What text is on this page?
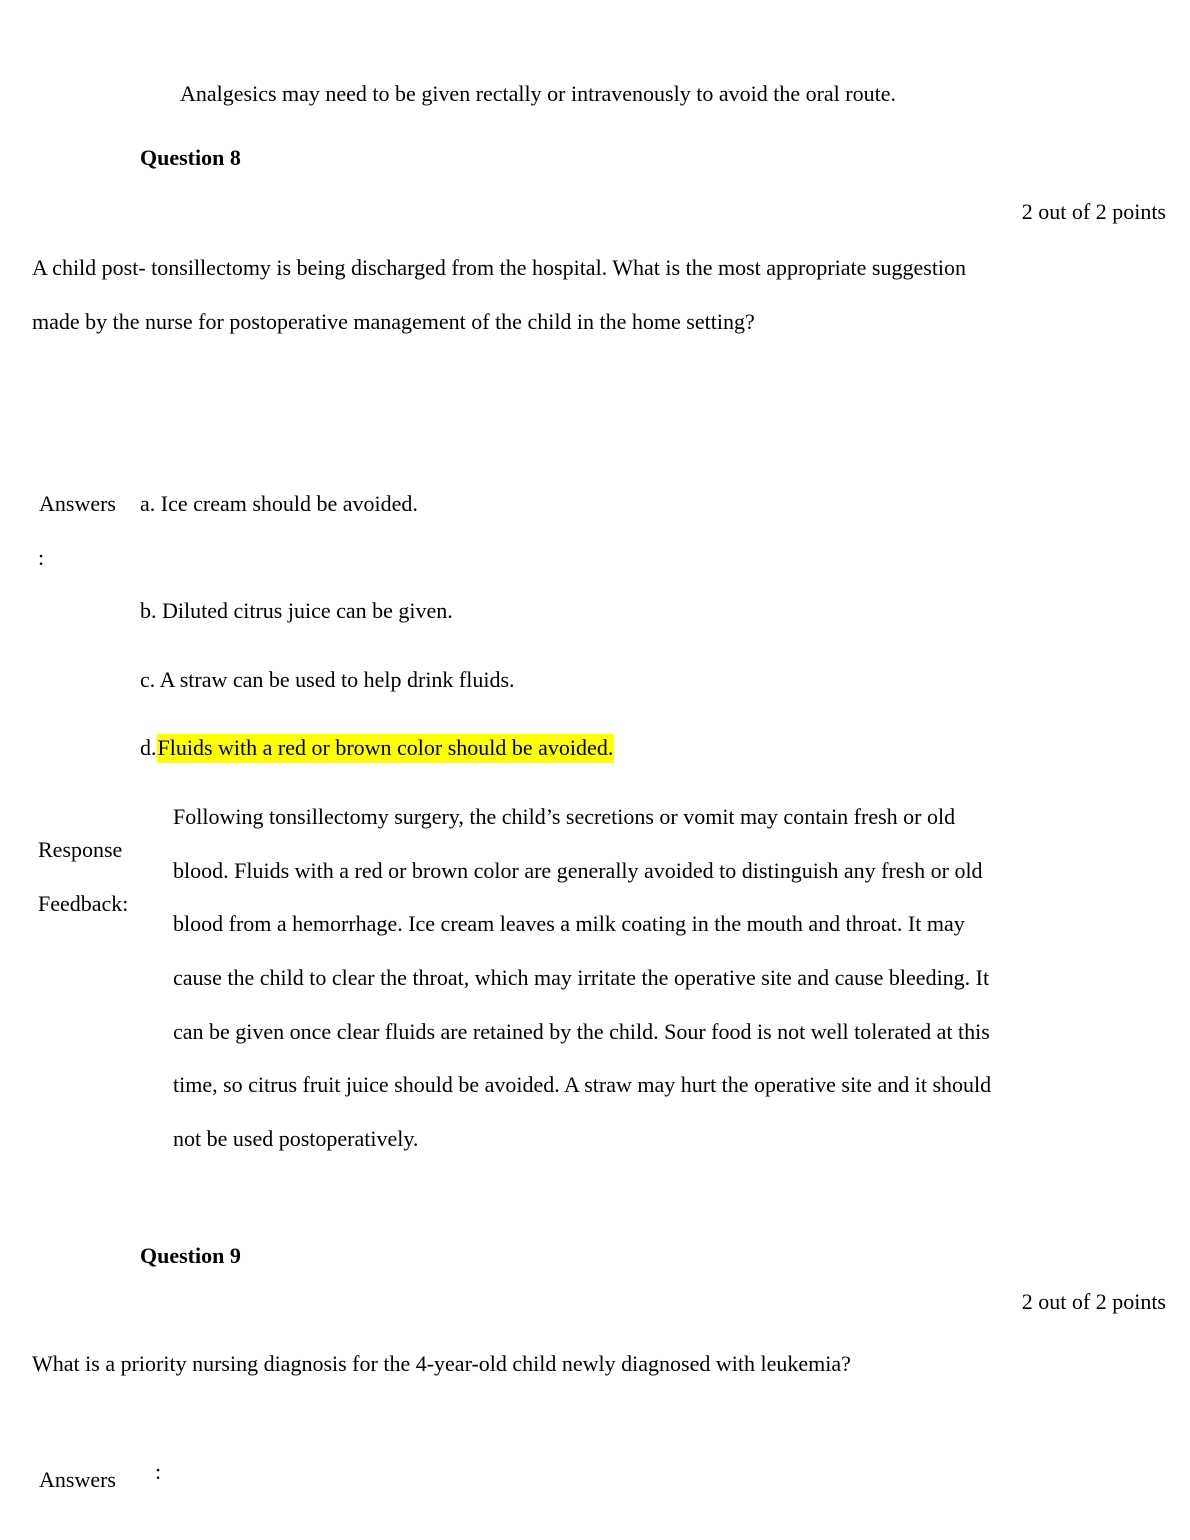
Analgesics may need to be given rectally or intravenously to avoid the oral route.
Question 8
2 out of 2 points
A child post- tonsillectomy is being discharged from the hospital. What is the most appropriate suggestion
made by the nurse for postoperative management of the child in the home setting?
Answers
:
a. Ice cream should be avoided.
b. Diluted citrus juice can be given.
c. A straw can be used to help drink fluids.
d.Fluids with a red or brown color should be avoided.
Response
Feedback:
Following tonsillectomy surgery, the child’s secretions or vomit may contain fresh or old
blood. Fluids with a red or brown color are generally avoided to distinguish any fresh or old
blood from a hemorrhage. Ice cream leaves a milk coating in the mouth and throat. It may
cause the child to clear the throat, which may irritate the operative site and cause bleeding. It
can be given once clear fluids are retained by the child. Sour food is not well tolerated at this
time, so citrus fruit juice should be avoided. A straw may hurt the operative site and it should
not be used postoperatively.
Question 9
2 out of 2 points
What is a priority nursing diagnosis for the 4-year-old child newly diagnosed with leukemia?
Answers :
